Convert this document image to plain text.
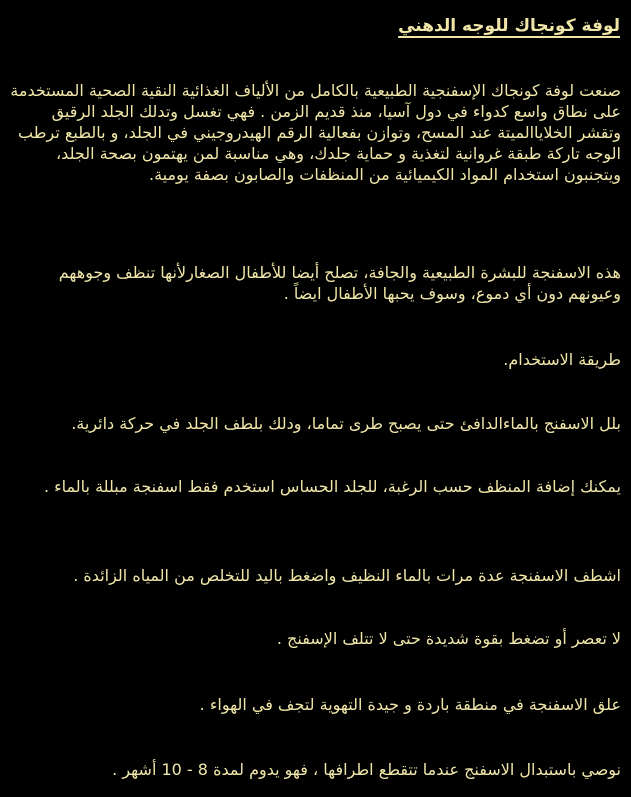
لوفة كونجاك للوجه الدهني

صنعت لوفة كونجاك الإسفنجية الطبيعية بالكامل من الألياف الغذائية النقية الصحية المستخدمة على نطاق واسع كدواء في دول آسيا، منذ قديم الزمن . فهي تغسل وتدلك الجلد الرقيق وتقشر الخلاياالميتة عند المسح، وتوازن بفعالية الرقم الهيدروجيني في الجلد، و بالطبع ترطب الوجه تاركة طبقة غروانية لتغذية و حماية جلدك، وهي مناسبة لمن يهتمون بصحة الجلد، ويتجنبون استخدام المواد الكيميائية من المنظفات والصابون بصفة يومية.

هذه الاسفنجة للبشرة الطبيعية والجافة، تصلح أيضا للأطفال الصغارلأنها تنظف وجوههم وعيونهم دون أي دموع، وسوف يحبها الأطفال ايضاً .

طريقة الاستخدام.

بلل الاسفنج بالماءالدافئ حتى يصبح طرى تماما، ودلك بلطف الجلد في حركة دائرية.

يمكنك إضافة المنظف حسب الرغبة، للجلد الحساس استخدم فقط اسفنجة مبللة بالماء .

اشطف الاسفنجة عدة مرات بالماء النظيف واضغط باليد للتخلص من المياه الزائدة .

لا تعصر أو تضغط بقوة شديدة حتى لا تتلف الإسفنج .

علق الاسفنجة في منطقة باردة و جيدة التهوية لتجف في الهواء .

نوصي باستبدال الاسفنج عندما تتقطع اطرافها ، فهو يدوم لمدة 8 - 10 أشهر .
